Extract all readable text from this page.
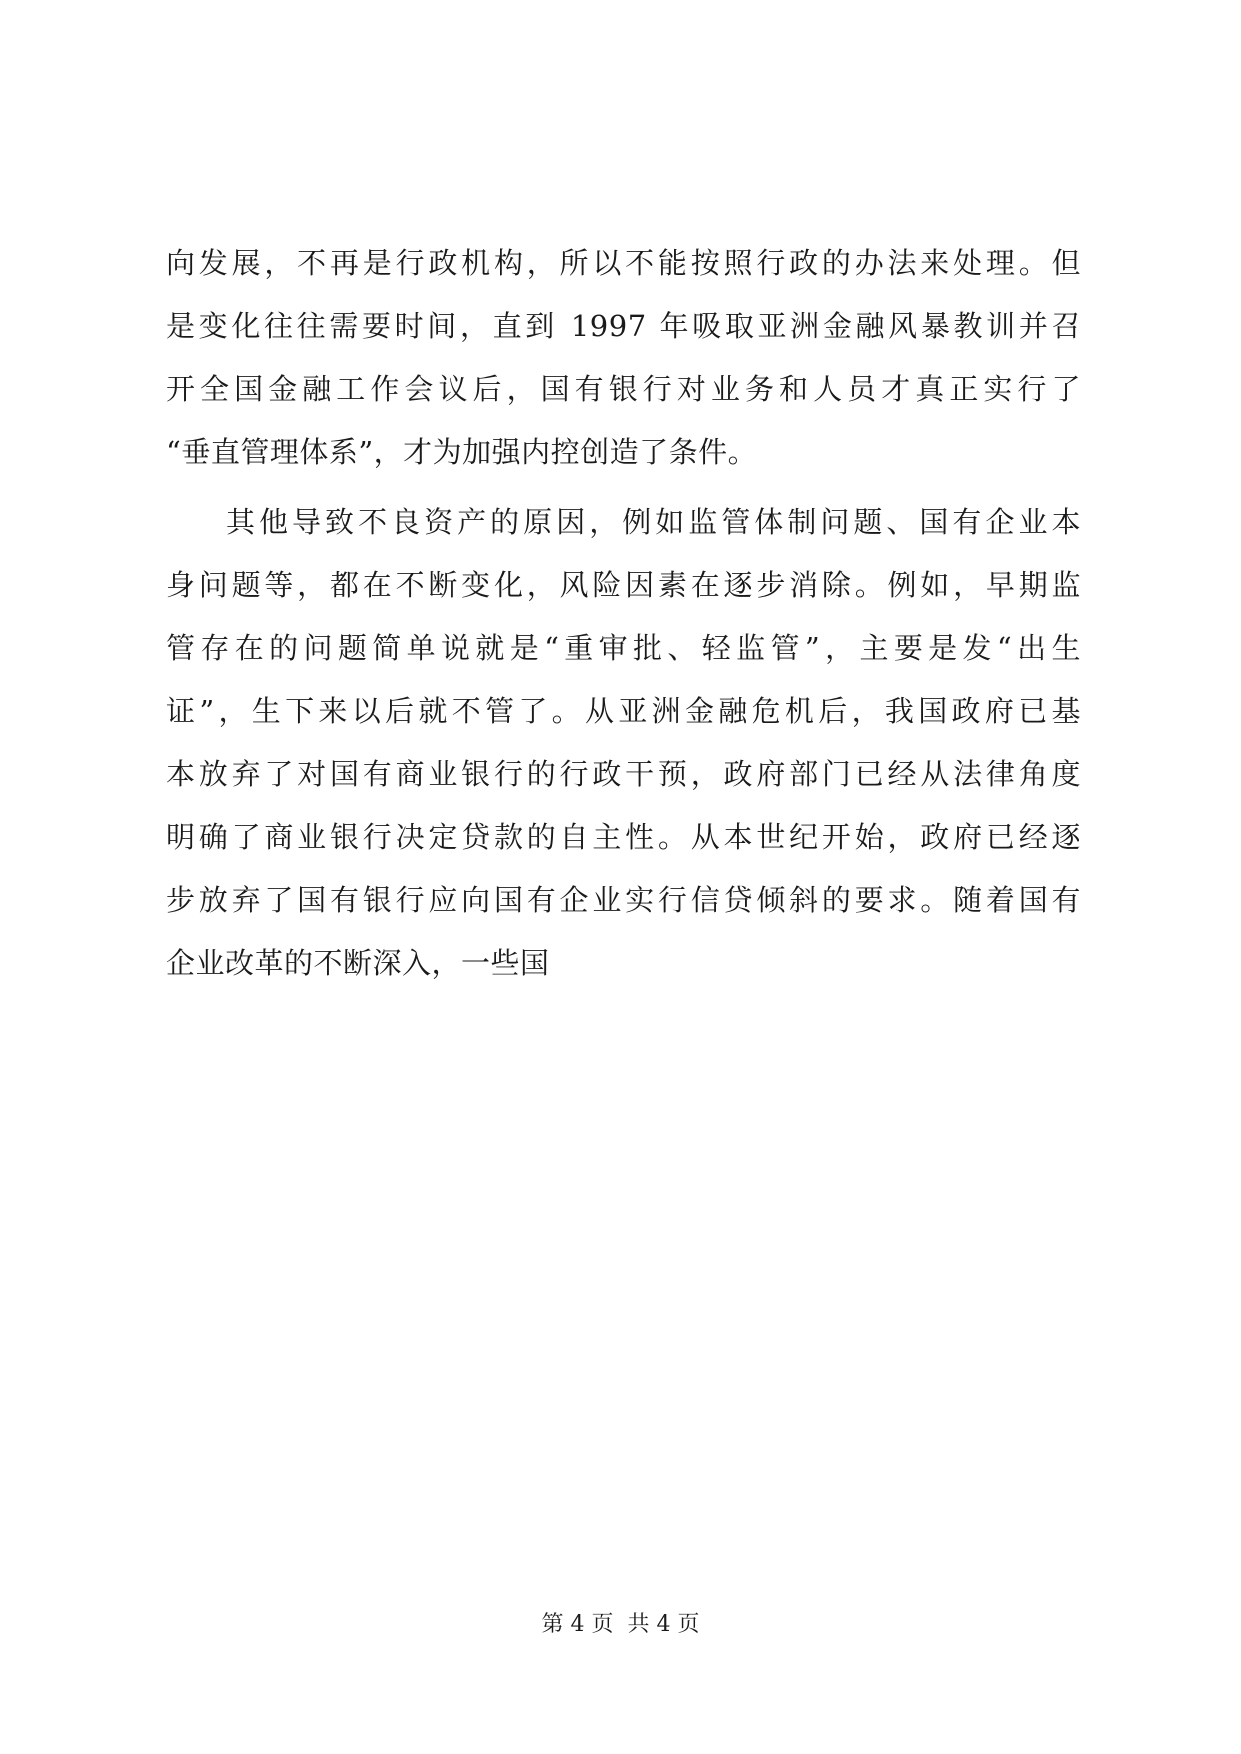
向发展，不再是行政机构，所以不能按照行政的办法来处理。但
是变化往往需要时间，直到 1997 年吸取亚洲金融风暴教训并召
开全国金融工作会议后，国有银行对业务和人员才真正实行了
“垂直管理体系”，才为加强内控创造了条件。
其他导致不良资产的原因，例如监管体制问题、国有企业本
身问题等，都在不断变化，风险因素在逐步消除。例如，早期监
管存在的问题简单说就是“重审批、轻监管”，主要是发“出生
证”，生下来以后就不管了。从亚洲金融危机后，我国政府已基
本放弃了对国有商业银行的行政干预，政府部门已经从法律角度
明确了商业银行决定贷款的自主性。从本世纪开始，政府已经逐
步放弃了国有银行应向国有企业实行信贷倾斜的要求。随着国有
企业改革的不断深入，一些国
第 4 页  共 4 页
